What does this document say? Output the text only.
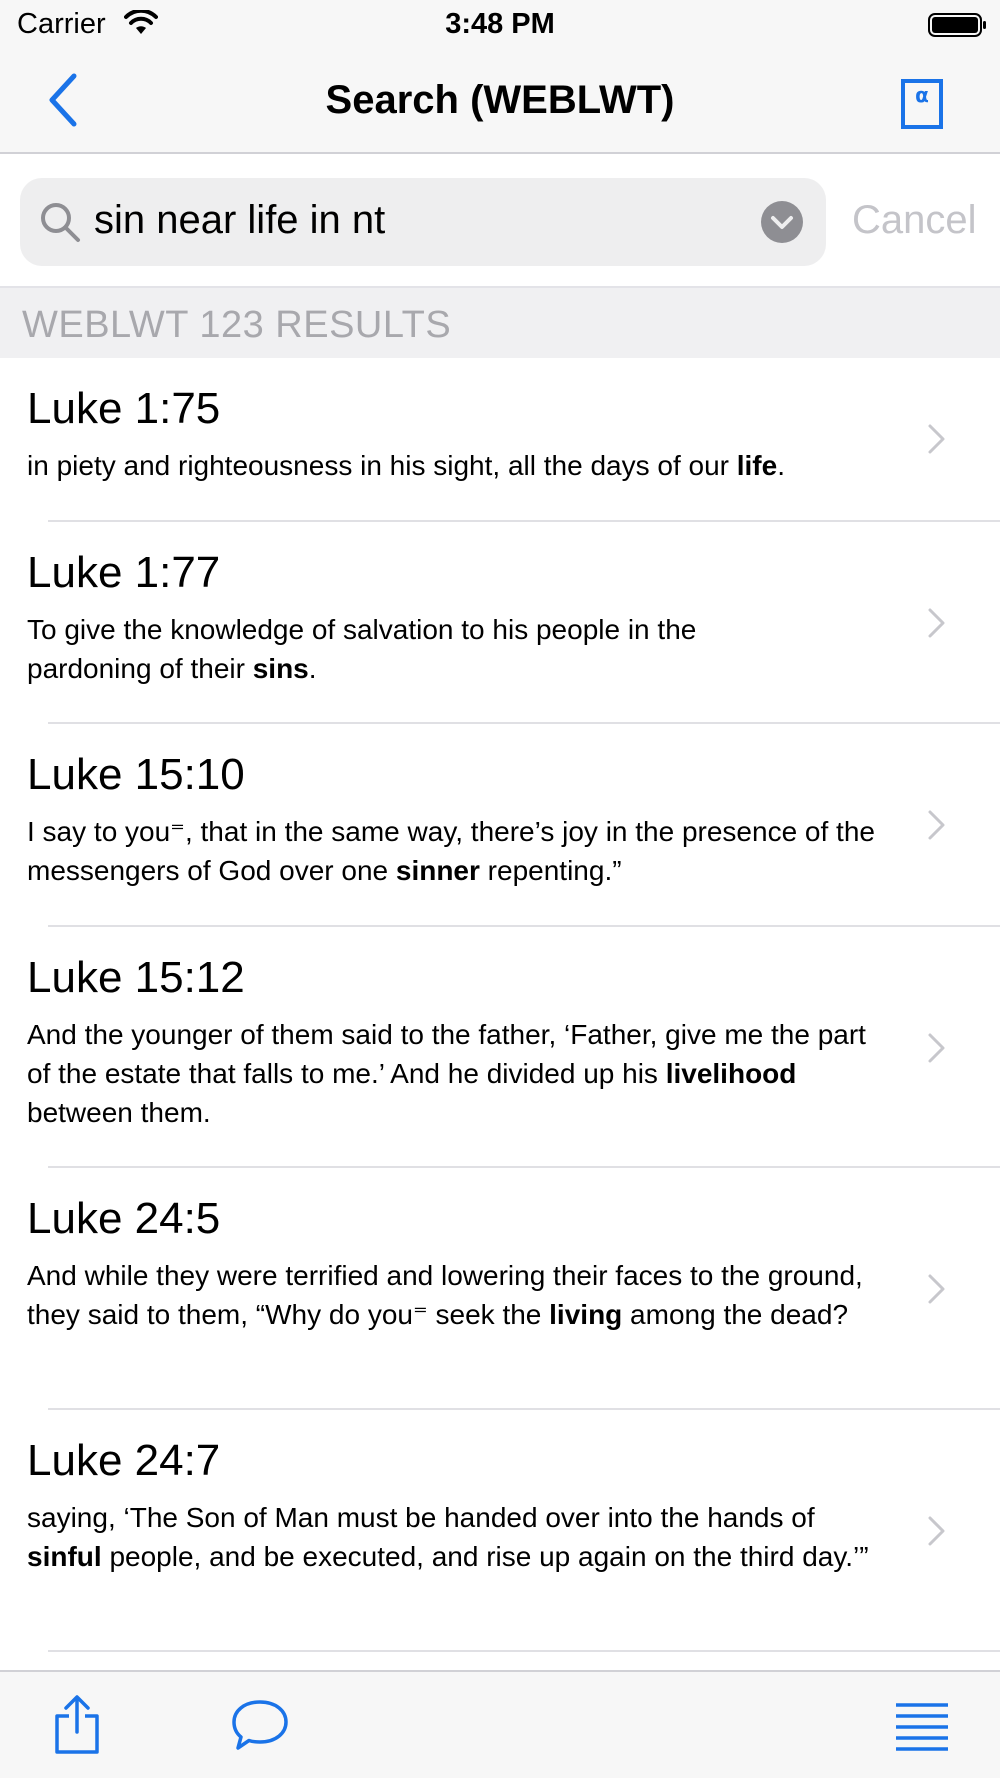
Carrier	3:48 PM
Search (WEBLWT)	α
sin near life in nt	Cancel
WEBLWT 123 RESULTS
Luke 1:75
in piety and righteousness in his sight, all the days of our life.
Luke 1:77
To give the knowledge of salvation to his people in the pardoning of their sins.
Luke 15:10
I say to you⁼, that in the same way, there’s joy in the presence of the messengers of God over one sinner repenting.”
Luke 15:12
And the younger of them said to the father, ‘Father, give me the part of the estate that falls to me.’ And he divided up his livelihood between them.
Luke 24:5
And while they were terrified and lowering their faces to the ground, they said to them, “Why do you⁼ seek the living among the dead?
Luke 24:7
saying, ‘The Son of Man must be handed over into the hands of sinful people, and be executed, and rise up again on the third day.’”
